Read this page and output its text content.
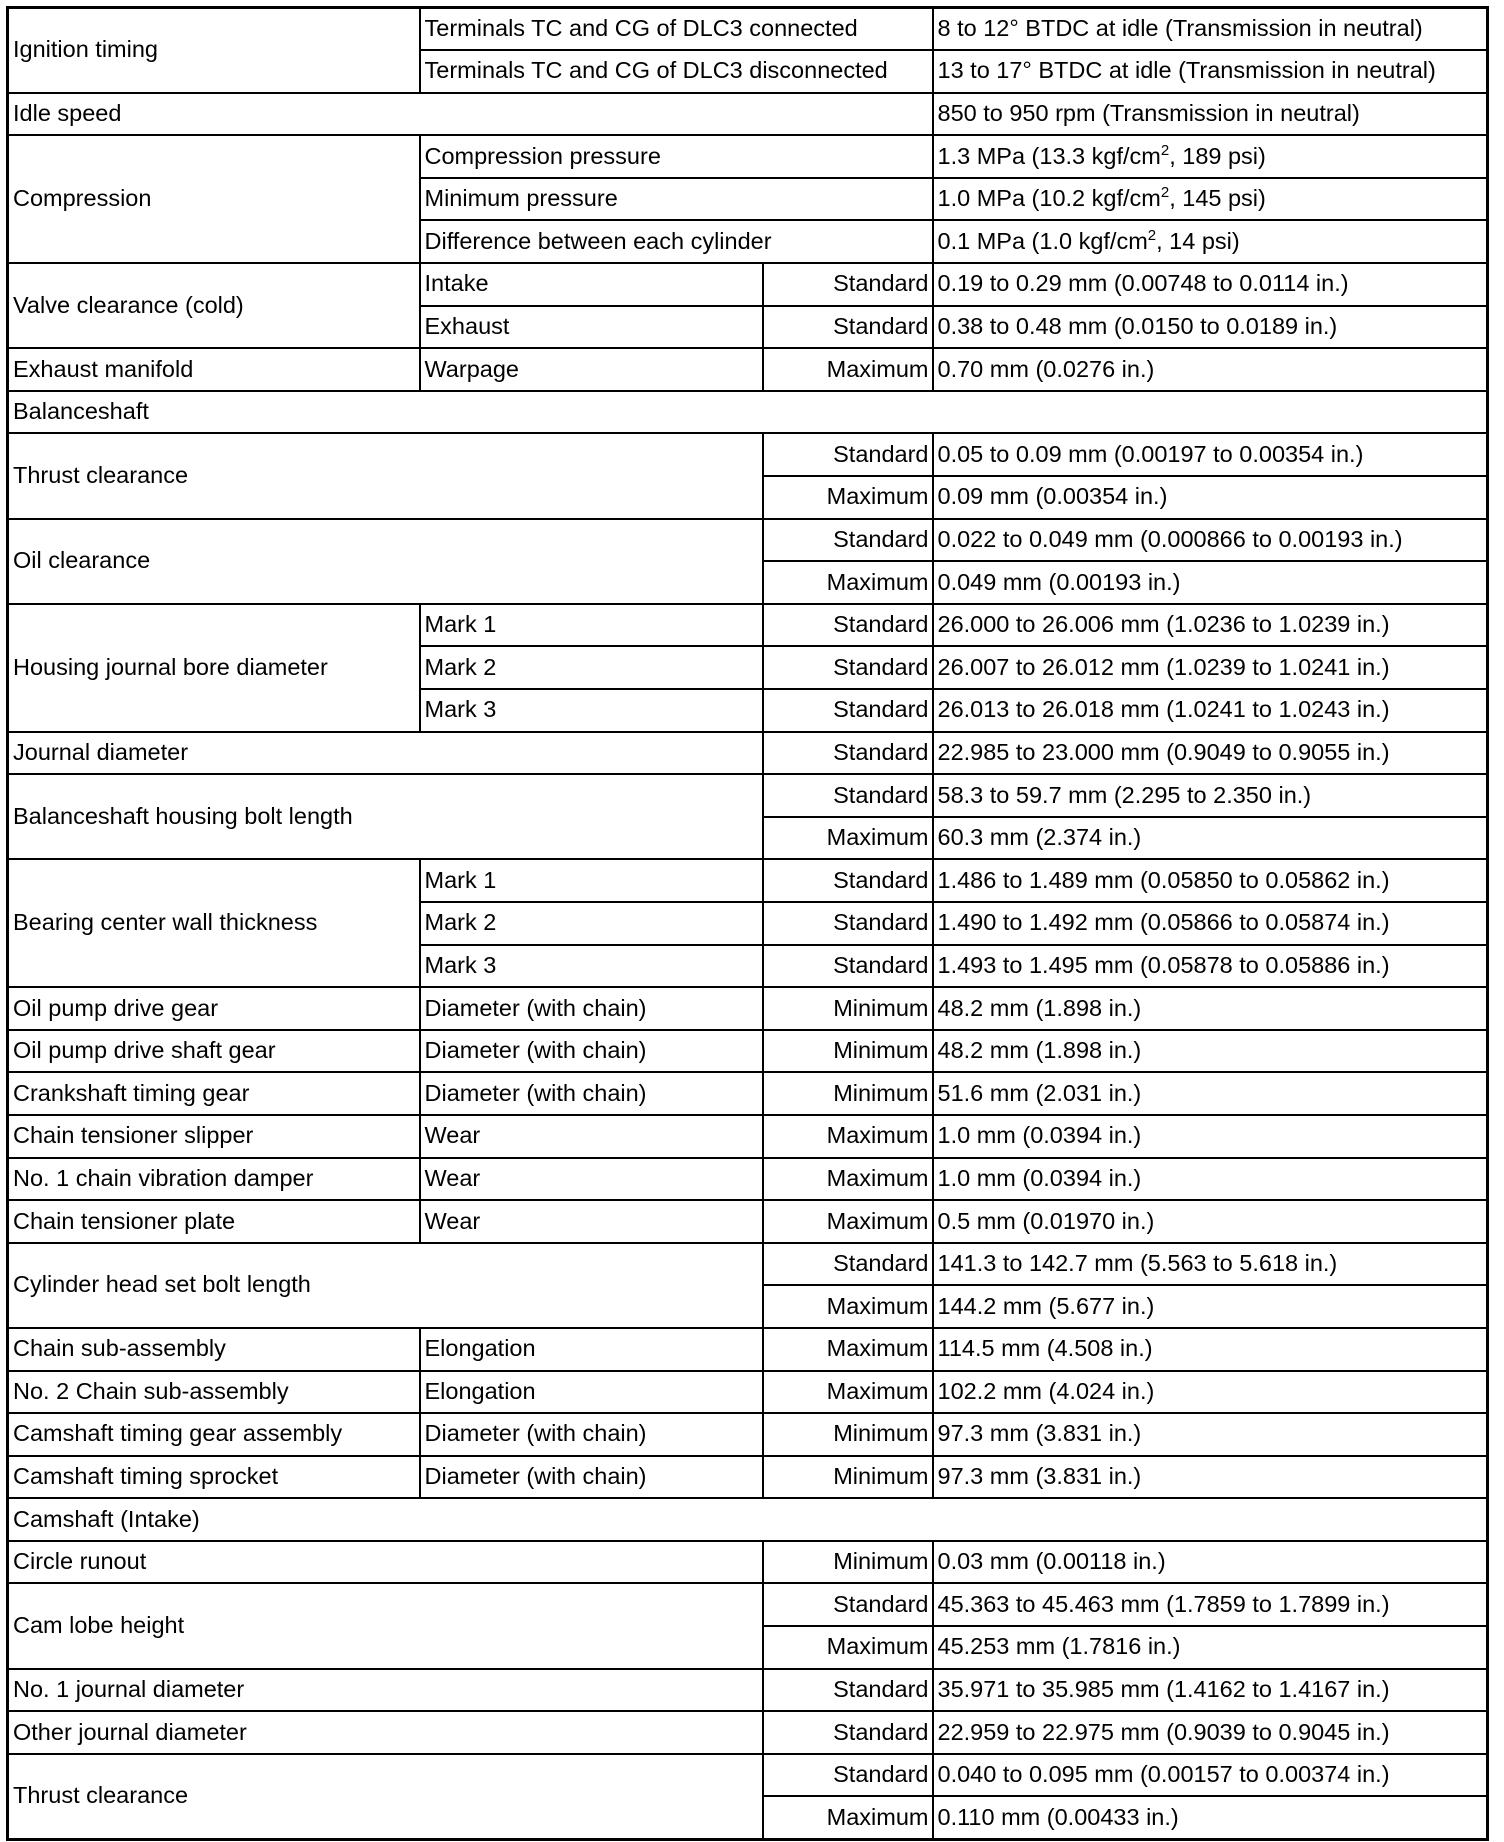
Ignition timing	Terminals TC and CG of DLC3 connected		8 to 12° BTDC at idle (Transmission in neutral)
	Terminals TC and CG of DLC3 disconnected		13 to 17° BTDC at idle (Transmission in neutral)
Idle speed			850 to 950 rpm (Transmission in neutral)
Compression	Compression pressure		1.3 MPa (13.3 kgf/$cm^2$, 189 psi)
	Minimum pressure		1.0 MPa (10.2 kgf/$cm^2$, 145 psi)
	Difference between each cylinder		0.1 MPa (1.0 kgf/$cm^2$, 14 psi)
Valve clearance (cold)	Intake	Standard	0.19 to 0.29 mm (0.00748 to 0.0114 in.)
	Exhaust	Standard	0.38 to 0.48 mm (0.0150 to 0.0189 in.)
Exhaust manifold	Warpage	Maximum	0.70 mm (0.0276 in.)
Balanceshaft			
Thrust clearance		Standard	0.05 to 0.09 mm (0.00197 to 0.00354 in.)
		Maximum	0.09 mm (0.00354 in.)
Oil clearance		Standard	0.022 to 0.049 mm (0.000866 to 0.00193 in.)
		Maximum	0.049 mm (0.00193 in.)
Housing journal bore diameter	Mark 1	Standard	26.000 to 26.006 mm (1.0236 to 1.0239 in.)
	Mark 2	Standard	26.007 to 26.012 mm (1.0239 to 1.0241 in.)
	Mark 3	Standard	26.013 to 26.018 mm (1.0241 to 1.0243 in.)
Journal diameter		Standard	22.985 to 23.000 mm (0.9049 to 0.9055 in.)
Balanceshaft housing bolt length		Standard	58.3 to 59.7 mm (2.295 to 2.350 in.)
		Maximum	60.3 mm (2.374 in.)
Bearing center wall thickness	Mark 1	Standard	1.486 to 1.489 mm (0.05850 to 0.05862 in.)
	Mark 2	Standard	1.490 to 1.492 mm (0.05866 to 0.05874 in.)
	Mark 3	Standard	1.493 to 1.495 mm (0.05878 to 0.05886 in.)
Oil pump drive gear	Diameter (with chain)	Minimum	48.2 mm (1.898 in.)
Oil pump drive shaft gear	Diameter (with chain)	Minimum	48.2 mm (1.898 in.)
Crankshaft timing gear	Diameter (with chain)	Minimum	51.6 mm (2.031 in.)
Chain tensioner slipper	Wear	Maximum	1.0 mm (0.0394 in.)
No. 1 chain vibration damper	Wear	Maximum	1.0 mm (0.0394 in.)
Chain tensioner plate	Wear	Maximum	0.5 mm (0.01970 in.)
Cylinder head set bolt length		Standard	141.3 to 142.7 mm (5.563 to 5.618 in.)
		Maximum	144.2 mm (5.677 in.)
Chain sub-assembly	Elongation	Maximum	114.5 mm (4.508 in.)
No. 2 Chain sub-assembly	Elongation	Maximum	102.2 mm (4.024 in.)
Camshaft timing gear assembly	Diameter (with chain)	Minimum	97.3 mm (3.831 in.)
Camshaft timing sprocket	Diameter (with chain)	Minimum	97.3 mm (3.831 in.)
Camshaft (Intake)			
Circle runout		Minimum	0.03 mm (0.00118 in.)
Cam lobe height		Standard	45.363 to 45.463 mm (1.7859 to 1.7899 in.)
		Maximum	45.253 mm (1.7816 in.)
No. 1 journal diameter		Standard	35.971 to 35.985 mm (1.4162 to 1.4167 in.)
Other journal diameter		Standard	22.959 to 22.975 mm (0.9039 to 0.9045 in.)
Thrust clearance		Standard	0.040 to 0.095 mm (0.00157 to 0.00374 in.)
		Maximum	0.110 mm (0.00433 in.)
